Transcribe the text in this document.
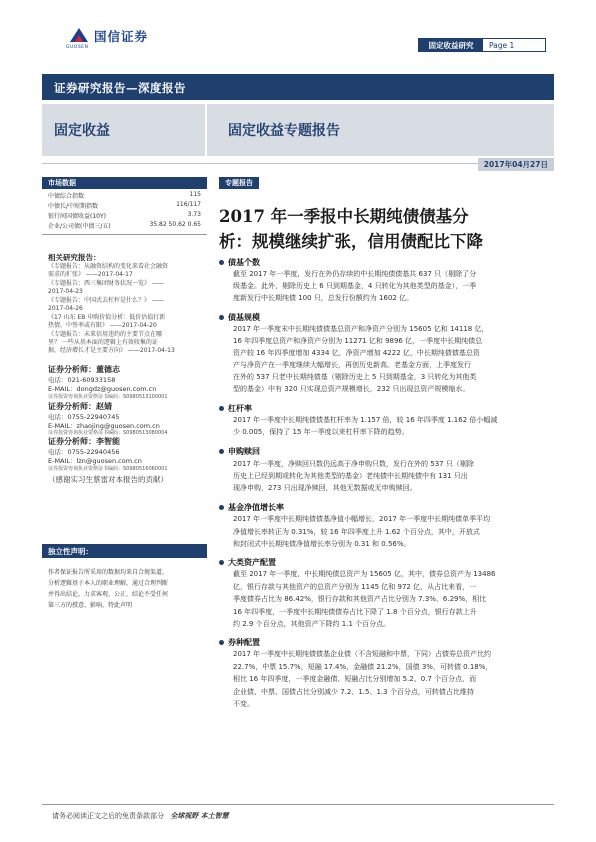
国信证券
GUOSEN	固定收益研究	Page 1
证券研究报告—深度报告
固定收益	固定收益专题报告
2017年04月27日
市场数据
中债综合指数	115
中债长/中短期指数	116/117
银行间国债收益(10Y)	3.73
企业/公司债(中债三/五)	35.82 50.62 0.65
相关研究报告：
《专题报告：从融资结构的变化来看社会融资
需求的扩张》 ——2017-04-17
《专题报告：西三集团财务状况一览》 ——
2017-04-23
《专题报告：中国式去杠杆是什么？》 ——
2017-04-26
《17 山东 EB 申购价值分析：低价估值打新
热情，中签率或有限》 ——2017-04-20
《专题报告：未来信用违约的主要节点在哪
里？ 一些从基本面的逻辑上有效收集的证
据，经济增长才是主要方向》 ——2017-04-13
证券分析师：董德志
电话：021-60933158
E-MAIL：dongdz@guosen.com.cn
证券投资咨询执业资格证书编码：S0980513100001
证券分析师：赵婧
电话：0755-22940745
E-MAIL：zhaojing@guosen.com.cn
证券投资咨询执业资格证书编码：S0980513080004
证券分析师：李智能
电话：0755-22940456
E-MAIL：lzn@guosen.com.cn
证券投资咨询执业资格证书编码：S0980516060001
（感谢实习生蔡雷对本报告的贡献）
独立性声明：
作者保证报告所采用的数据均来自合规渠道，
分析逻辑基于本人的职业理解，通过合理判断
并得出结论，力求客观、公正，结论不受任何
第三方的授意、影响，特此声明
专题报告
2017 年一季报中长期纯债债基分
析：规模继续扩张，信用债配比下降
债基个数
截至 2017 年一季度，发行在外仍存续的中长期纯债债基共 637 只（剔除了分
级基金。此外，剔除历史上 6 只到期基金，4 只转化为其他类型的基金），一季
度新发行中长期纯债 100 只，总发行份额约为 1602 亿。
债基规模
2017 年一季度末中长期纯债债基总资产和净资产分别为 15605 亿和 14118 亿，
16 年四季度总资产和净资产分别为 11271 亿和 9896 亿，一季度中长期纯债总
资产较 16 年四季度增加 4334 亿，净资产增加 4222 亿，中长期纯债债基总资
产与净资产在一季度继续大幅增长，再创历史新高。老基金方面，上季度发行
在外的 537 只老中长期纯债基（剔除历史上 5 只到期基金，3 只转化为其他类
型的基金）中有 320 只实现总资产规模增长，232 只出现总资产规模缩水。
杠杆率
2017 年一季度中长期纯债债基杠杆率为 1.157 倍，较 16 年四季度 1.162 倍小幅减
少 0.005，保持了 15 年一季度以来杠杆率下降的趋势。
申购赎回
2017 年一季度，净赎回只数仍远高于净申购只数，发行在外的 537 只（剔除
历史上已经到期或转化为其他类型的基金）老纯债中长期纯债中有 131 只出
现净申购，273 只出现净赎回，其他无数据或无申购赎回。
基金净值增长率
2017 年一季度中长期纯债债基净值小幅增长，2017 年一季度中长期纯债单季平均
净值增长率转正为 0.31%，较 16 年四季度上升 1.62 个百分点，其中，开放式
和封闭式中长期纯债净值增长率分别为 0.31 和 0.56%。
大类资产配置
截至 2017 年一季度，中长期纯债总资产为 15605 亿，其中，债券总资产为 13486
亿，银行存款与其他资产的总资产分别为 1145 亿和 972 亿，从占比来看，一
季度债券占比为 86.42%，银行存款和其他资产占比分别为 7.3%、6.29%，相比
16 年四季度，一季度中长期纯债债券占比下降了 1.8 个百分点，银行存款上升
约 2.9 个百分点，其他资产下降约 1.1 个百分点。
券种配置
2017 年一季度中长期纯债债基企业债（不含短融和中票，下同）占债券总资产比约
22.7%，中票 15.7%，短融 17.4%，金融债 21.2%，国债 3%，可转债 0.18%，
相比 16 年四季度，一季度金融债、短融占比分别增加 5.2、0.7 个百分点，而
企业债、中票、国债占比分别减少 7.2、1.5、1.3 个百分点，可转债占比维持
不变。
请务必阅读正文之后的免责条款部分 全球视野 本土智慧
